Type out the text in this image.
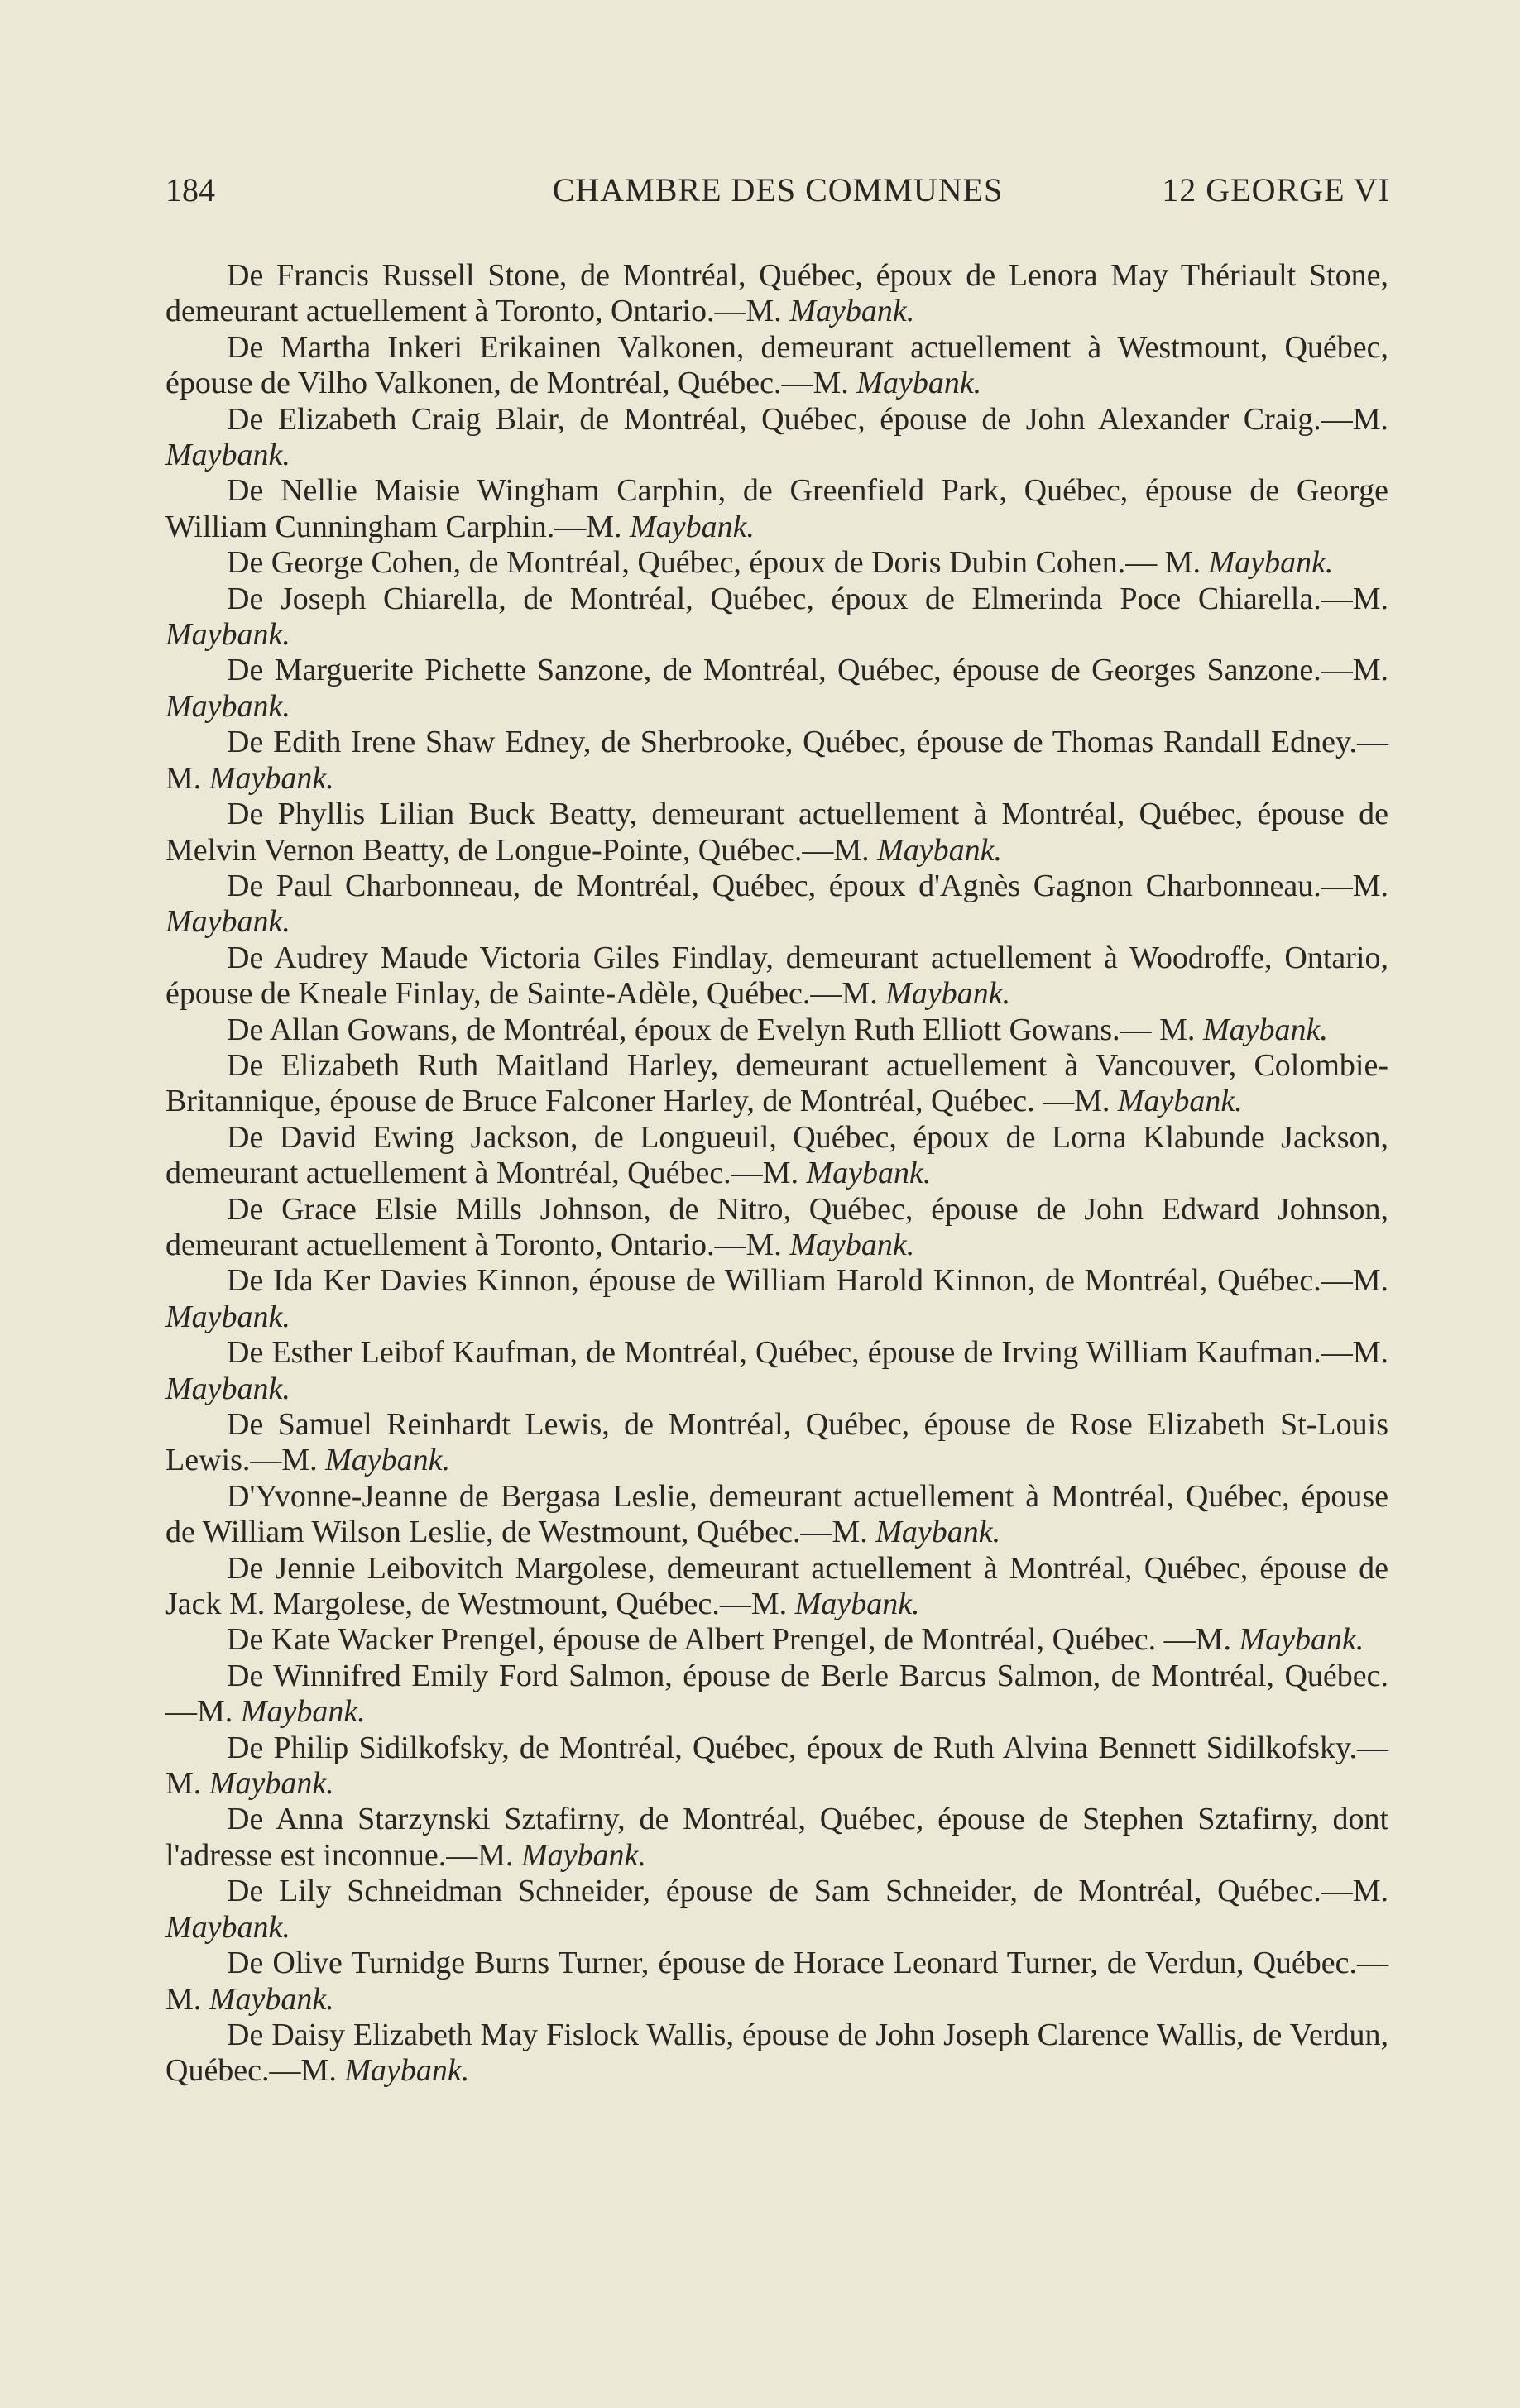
184	CHAMBRE DES COMMUNES	12 GEORGE VI

De Francis Russell Stone, de Montréal, Québec, époux de Lenora May Thériault Stone, demeurant actuellement à Toronto, Ontario.—M. Maybank.

De Martha Inkeri Erikainen Valkonen, demeurant actuellement à Westmount, Québec, épouse de Vilho Valkonen, de Montréal, Québec.—M. Maybank.

De Elizabeth Craig Blair, de Montréal, Québec, épouse de John Alexander Craig.—M. Maybank.

De Nellie Maisie Wingham Carphin, de Greenfield Park, Québec, épouse de George William Cunningham Carphin.—M. Maybank.

De George Cohen, de Montréal, Québec, époux de Doris Dubin Cohen.— M. Maybank.

De Joseph Chiarella, de Montréal, Québec, époux de Elmerinda Poce Chiarella.—M. Maybank.

De Marguerite Pichette Sanzone, de Montréal, Québec, épouse de Georges Sanzone.—M. Maybank.

De Edith Irene Shaw Edney, de Sherbrooke, Québec, épouse de Thomas Randall Edney.—M. Maybank.

De Phyllis Lilian Buck Beatty, demeurant actuellement à Montréal, Québec, épouse de Melvin Vernon Beatty, de Longue-Pointe, Québec.—M. Maybank.

De Paul Charbonneau, de Montréal, Québec, époux d'Agnès Gagnon Charbonneau.—M. Maybank.

De Audrey Maude Victoria Giles Findlay, demeurant actuellement à Woodroffe, Ontario, épouse de Kneale Finlay, de Sainte-Adèle, Québec.—M. Maybank.

De Allan Gowans, de Montréal, époux de Evelyn Ruth Elliott Gowans.— M. Maybank.

De Elizabeth Ruth Maitland Harley, demeurant actuellement à Vancouver, Colombie-Britannique, épouse de Bruce Falconer Harley, de Montréal, Québec. —M. Maybank.

De David Ewing Jackson, de Longueuil, Québec, époux de Lorna Klabunde Jackson, demeurant actuellement à Montréal, Québec.—M. Maybank.

De Grace Elsie Mills Johnson, de Nitro, Québec, épouse de John Edward Johnson, demeurant actuellement à Toronto, Ontario.—M. Maybank.

De Ida Ker Davies Kinnon, épouse de William Harold Kinnon, de Montréal, Québec.—M. Maybank.

De Esther Leibof Kaufman, de Montréal, Québec, épouse de Irving William Kaufman.—M. Maybank.

De Samuel Reinhardt Lewis, de Montréal, Québec, épouse de Rose Elizabeth St-Louis Lewis.—M. Maybank.

D'Yvonne-Jeanne de Bergasa Leslie, demeurant actuellement à Montréal, Québec, épouse de William Wilson Leslie, de Westmount, Québec.—M. Maybank.

De Jennie Leibovitch Margolese, demeurant actuellement à Montréal, Québec, épouse de Jack M. Margolese, de Westmount, Québec.—M. Maybank.

De Kate Wacker Prengel, épouse de Albert Prengel, de Montréal, Québec. —M. Maybank.

De Winnifred Emily Ford Salmon, épouse de Berle Barcus Salmon, de Montréal, Québec.—M. Maybank.

De Philip Sidilkofsky, de Montréal, Québec, époux de Ruth Alvina Bennett Sidilkofsky.—M. Maybank.

De Anna Starzynski Sztafirny, de Montréal, Québec, épouse de Stephen Sztafirny, dont l'adresse est inconnue.—M. Maybank.

De Lily Schneidman Schneider, épouse de Sam Schneider, de Montréal, Québec.—M. Maybank.

De Olive Turnidge Burns Turner, épouse de Horace Leonard Turner, de Verdun, Québec.—M. Maybank.

De Daisy Elizabeth May Fislock Wallis, épouse de John Joseph Clarence Wallis, de Verdun, Québec.—M. Maybank.
